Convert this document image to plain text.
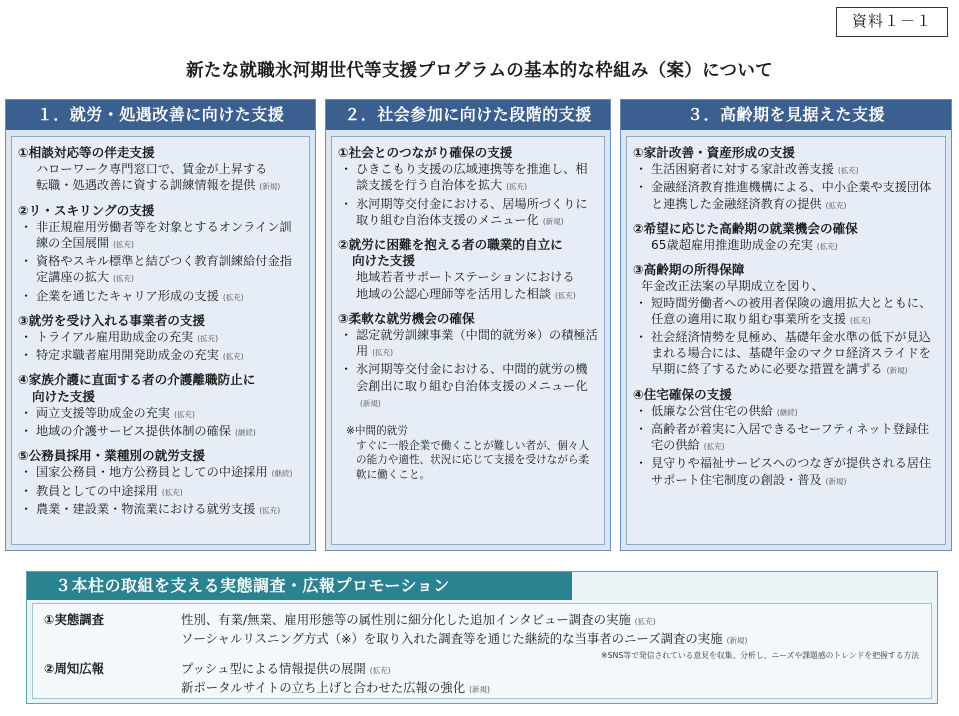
資料１－１
新たな就職氷河期世代等支援プログラムの基本的な枠組み（案）について
１．就労・処遇改善に向けた支援
①相談対応等の伴走支援
ハローワーク専門窓口で、賃金が上昇する
転職・処遇改善に資する訓練情報を提供 (新規)
②リ・スキリングの支援
・ 非正規雇用労働者等を対象とするオンライン訓練の全国展開 (拡充)
・ 資格やスキル標準と結びつく教育訓練給付金指定講座の拡大 (拡充)
・ 企業を通じたキャリア形成の支援 (拡充)
③就労を受け入れる事業者の支援
・ トライアル雇用助成金の充実 (拡充)
・ 特定求職者雇用開発助成金の充実 (拡充)
④家族介護に直面する者の介護離職防止に
向けた支援
・ 両立支援等助成金の充実 (拡充)
・ 地域の介護サービス提供体制の確保 (継続)
⑤公務員採用・業種別の就労支援
・ 国家公務員・地方公務員としての中途採用 (継続)
・ 教員としての中途採用 (拡充)
・ 農業・建設業・物流業における就労支援 (拡充)
２．社会参加に向けた段階的支援
①社会とのつながり確保の支援
・ ひきこもり支援の広域連携等を推進し、相談支援を行う自治体を拡大 (拡充)
・ 氷河期等交付金における、居場所づくりに取り組む自治体支援のメニュー化 (新規)
②就労に困難を抱える者の職業的自立に
向けた支援
地域若者サポートステーションにおける
地域の公認心理師等を活用した相談 (拡充)
③柔軟な就労機会の確保
・ 認定就労訓練事業（中間的就労※）の積極活用 (拡充)
・ 氷河期等交付金における、中間的就労の機会創出に取り組む自治体支援のメニュー化(新規)
※中間的就労
すぐに一般企業で働くことが難しい者が、個々人の能力や適性、状況に応じて支援を受けながら柔軟に働くこと。
３．高齢期を見据えた支援
①家計改善・資産形成の支援
・ 生活困窮者に対する家計改善支援 (拡充)
・ 金融経済教育推進機構による、中小企業や支援団体と連携した金融経済教育の提供 (拡充)
②希望に応じた高齢期の就業機会の確保
65歳超雇用推進助成金の充実 (拡充)
③高齢期の所得保障
年金改正法案の早期成立を図り、
・ 短時間労働者への被用者保険の適用拡大とともに、任意の適用に取り組む事業所を支援 (拡充)
・ 社会経済情勢を見極め、基礎年金水準の低下が見込まれる場合には、基礎年金のマクロ経済スライドを早期に終了するために必要な措置を講ずる (新規)
④住宅確保の支援
・ 低廉な公営住宅の供給 (継続)
・ 高齢者が着実に入居できるセーフティネット登録住宅の供給 (拡充)
・ 見守りや福祉サービスへのつなぎが提供される居住サポート住宅制度の創設・普及 (新規)
３本柱の取組を支える実態調査・広報プロモーション
①実態調査	性別、有業/無業、雇用形態等の属性別に細分化した追加インタビュー調査の実施 (拡充)
ソーシャルリスニング方式（※）を取り入れた調査等を通じた継続的な当事者のニーズ調査の実施 (新規)
※SNS等で発信されている意見を収集、分析し、ニーズや課題感のトレンドを把握する方法
②周知広報	プッシュ型による情報提供の展開 (拡充)
新ポータルサイトの立ち上げと合わせた広報の強化 (新規)
